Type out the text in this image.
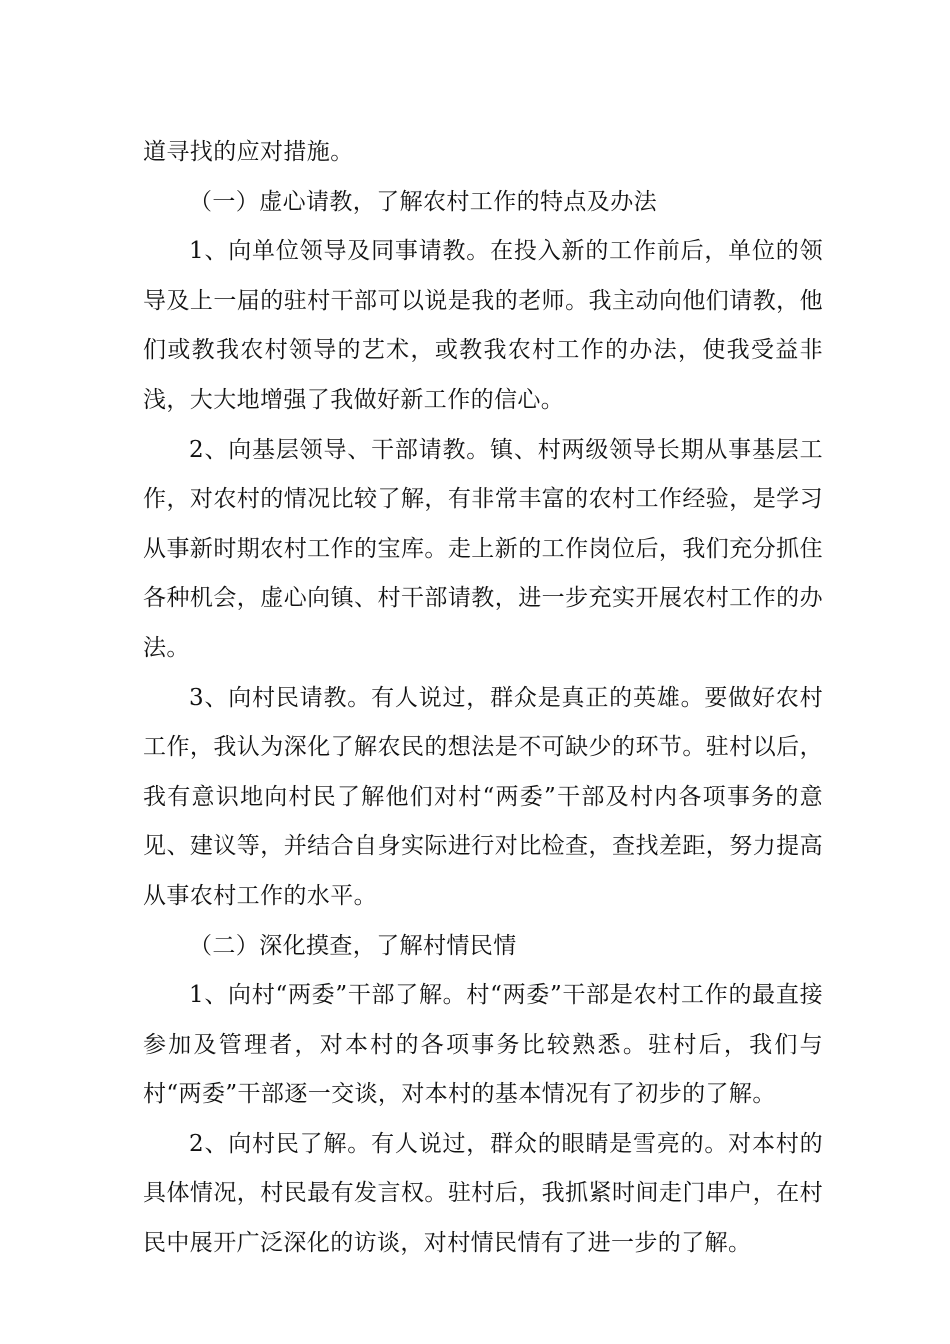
道寻找的应对措施。

（一）虚心请教，了解农村工作的特点及办法

1、向单位领导及同事请教。在投入新的工作前后，单位的领导及上一届的驻村干部可以说是我的老师。我主动向他们请教，他们或教我农村领导的艺术，或教我农村工作的办法，使我受益非浅，大大地增强了我做好新工作的信心。

2、向基层领导、干部请教。镇、村两级领导长期从事基层工作，对农村的情况比较了解，有非常丰富的农村工作经验，是学习从事新时期农村工作的宝库。走上新的工作岗位后，我们充分抓住各种机会，虚心向镇、村干部请教，进一步充实开展农村工作的办法。

3、向村民请教。有人说过，群众是真正的英雄。要做好农村工作，我认为深化了解农民的想法是不可缺少的环节。驻村以后，我有意识地向村民了解他们对村“两委”干部及村内各项事务的意见、建议等，并结合自身实际进行对比检查，查找差距，努力提高从事农村工作的水平。

（二）深化摸查，了解村情民情

1、向村“两委”干部了解。村“两委”干部是农村工作的最直接参加及管理者，对本村的各项事务比较熟悉。驻村后，我们与村“两委”干部逐一交谈，对本村的基本情况有了初步的了解。

2、向村民了解。有人说过，群众的眼睛是雪亮的。对本村的具体情况，村民最有发言权。驻村后，我抓紧时间走门串户，在村民中展开广泛深化的访谈，对村情民情有了进一步的了解。
